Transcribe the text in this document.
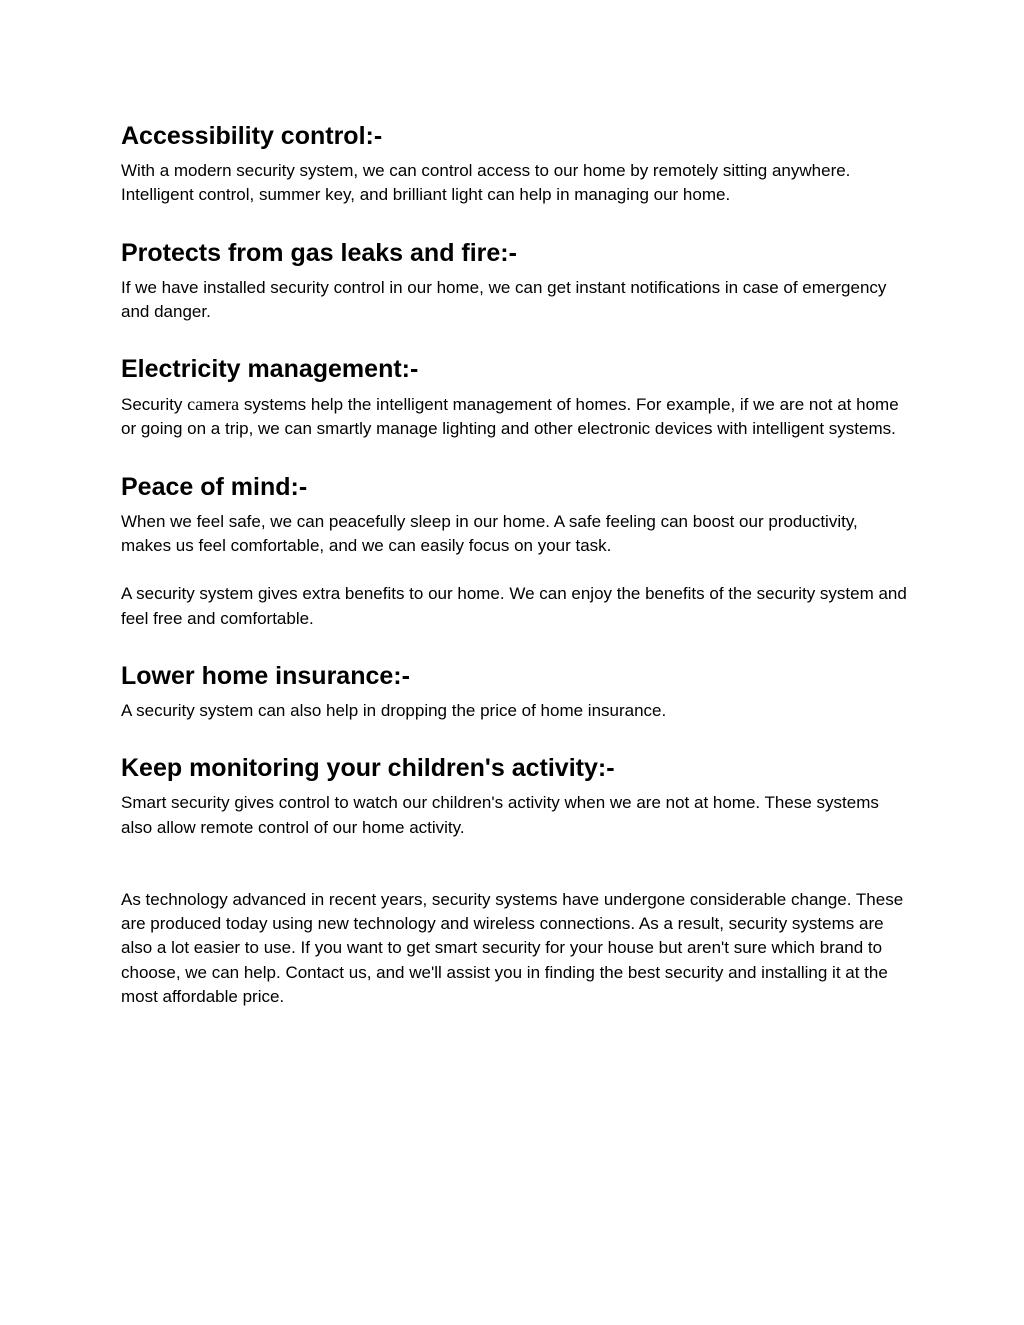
Accessibility control:-

With a modern security system, we can control access to our home by remotely sitting anywhere. Intelligent control, summer key, and brilliant light can help in managing our home.

Protects from gas leaks and fire:-

If we have installed security control in our home, we can get instant notifications in case of emergency and danger.

Electricity management:-

Security camera systems help the intelligent management of homes. For example, if we are not at home or going on a trip, we can smartly manage lighting and other electronic devices with intelligent systems.

Peace of mind:-

When we feel safe, we can peacefully sleep in our home. A safe feeling can boost our productivity, makes us feel comfortable, and we can easily focus on your task.

A security system gives extra benefits to our home. We can enjoy the benefits of the security system and feel free and comfortable.

Lower home insurance:-

A security system can also help in dropping the price of home insurance.

Keep monitoring your children's activity:-

Smart security gives control to watch our children's activity when we are not at home. These systems also allow remote control of our home activity.

As technology advanced in recent years, security systems have undergone considerable change. These are produced today using new technology and wireless connections. As a result, security systems are also a lot easier to use. If you want to get smart security for your house but aren't sure which brand to choose, we can help. Contact us, and we'll assist you in finding the best security and installing it at the most affordable price.
